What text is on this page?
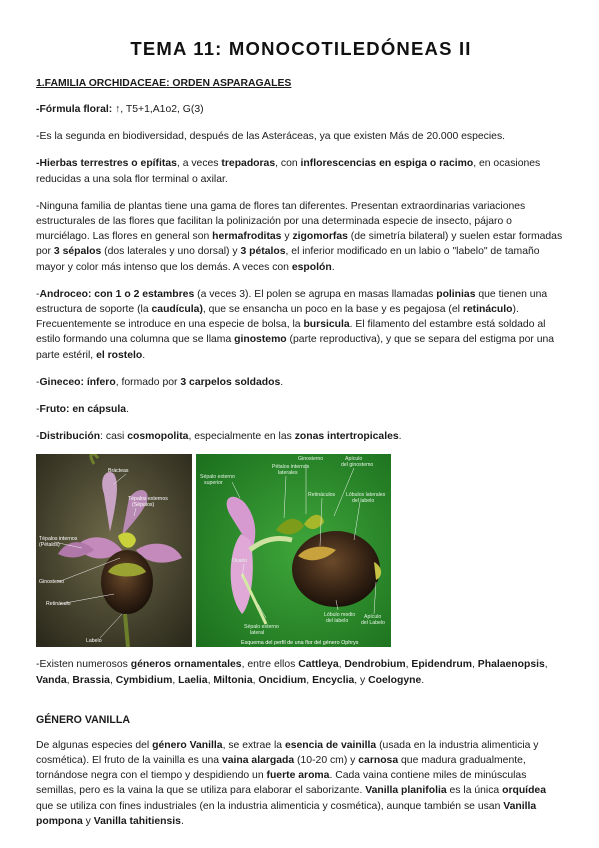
TEMA 11: MONOCOTILEDÓNEAS II
1.FAMILIA ORCHIDACEAE: ORDEN ASPARAGALES

-Fórmula floral: ↑, T5+1,A1o2, G(3)

-Es la segunda en biodiversidad, después de las Asteráceas, ya que existen Más de 20.000 especies.

-Hierbas terrestres o epífitas, a veces trepadoras, con inflorescencias en espiga o racimo, en ocasiones reducidas a una sola flor terminal o axilar.

-Ninguna familia de plantas tiene una gama de flores tan diferentes. Presentan extraordinarias variaciones estructurales de las flores que facilitan la polinización por una determinada especie de insecto, pájaro o murciélago. Las flores en general son hermafroditas y zigomorfas (de simetría bilateral) y suelen estar formadas por 3 sépalos (dos laterales y uno dorsal) y 3 pétalos, el inferior modificado en un labio o "labelo" de tamaño mayor y color más intenso que los demás. A veces con espolón.

-Androceo: con 1 o 2 estambres (a veces 3). El polen se agrupa en masas llamadas polinias que tienen una estructura de soporte (la caudícula), que se ensancha un poco en la base y es pegajosa (el retináculo). Frecuentemente se introduce en una especie de bolsa, la bursicula. El filamento del estambre está soldado al estilo formando una columna que se llama ginostemo (parte reproductiva), y que se separa del estigma por una parte estéril, el rostelo.

-Gineceo: ínfero, formado por 3 carpelos soldados.

-Fruto: en cápsula.

-Distribución: casi cosmopolita, especialmente en las zonas intertropicales.

Brácteas
Tépalos externos
(Sépalos)
Tépalos internos
(Pétalos)
Ginostemo
Retináculo
Labelo
Pétalos internos
laterales
Ginostemo	Apículo
del ginostemo
Sépalo externo
superior
Retináculos Lóbulos laterales
del labelo
Ovario
Lóbulo medio
del labelo
Apículo
del Labelo
Sépalo externo
lateral
Esquema del perfil de una flor del género Ophrys

-Existen numerosos géneros ornamentales, entre ellos Cattleya, Dendrobium, Epidendrum, Phalaenopsis, Vanda, Brassia, Cymbidium, Laelia, Miltonia, Oncidium, Encyclia, y Coelogyne.

GÉNERO VANILLA

De algunas especies del género Vanilla, se extrae la esencia de vainilla (usada en la industria alimenticia y cosmética). El fruto de la vainilla es una vaina alargada (10-20 cm) y carnosa que madura gradualmente, tornándose negra con el tiempo y despidiendo un fuerte aroma. Cada vaina contiene miles de minúsculas semillas, pero es la vaina la que se utiliza para elaborar el saborizante. Vanilla planifolia es la única orquídea que se utiliza con fines industriales (en la industria alimenticia y cosmética), aunque también se usan Vanilla pompona y Vanilla tahitiensis.
